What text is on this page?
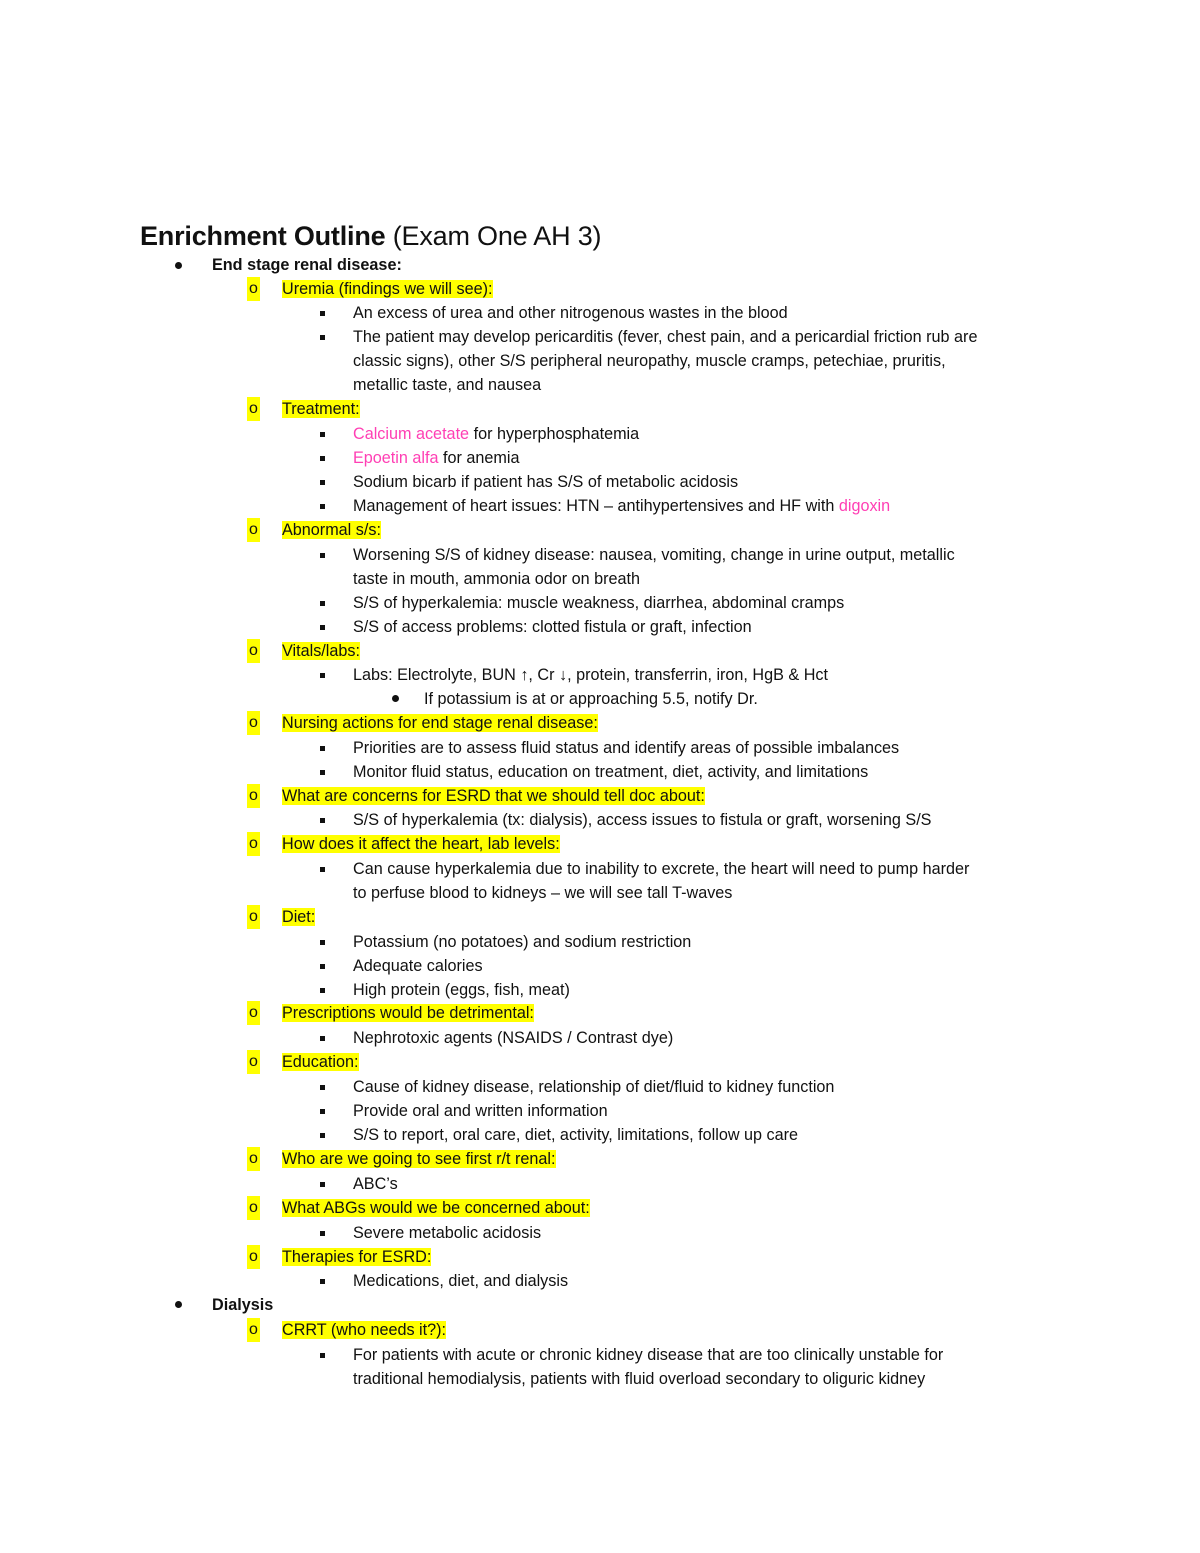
Enrichment Outline (Exam One AH 3)
End stage renal disease:
o Uremia (findings we will see):
An excess of urea and other nitrogenous wastes in the blood
The patient may develop pericarditis (fever, chest pain, and a pericardial friction rub are
classic signs), other S/S peripheral neuropathy, muscle cramps, petechiae, pruritis,
metallic taste, and nausea
o Treatment:
Calcium acetate for hyperphosphatemia
Epoetin alfa for anemia
Sodium bicarb if patient has S/S of metabolic acidosis
Management of heart issues: HTN – antihypertensives and HF with digoxin
o Abnormal s/s:
Worsening S/S of kidney disease: nausea, vomiting, change in urine output, metallic
taste in mouth, ammonia odor on breath
S/S of hyperkalemia: muscle weakness, diarrhea, abdominal cramps
S/S of access problems: clotted fistula or graft, infection
o Vitals/labs:
Labs: Electrolyte, BUN ↑, Cr ↓, protein, transferrin, iron, HgB & Hct
If potassium is at or approaching 5.5, notify Dr.
o Nursing actions for end stage renal disease:
Priorities are to assess fluid status and identify areas of possible imbalances
Monitor fluid status, education on treatment, diet, activity, and limitations
o What are concerns for ESRD that we should tell doc about:
S/S of hyperkalemia (tx: dialysis), access issues to fistula or graft, worsening S/S
o How does it affect the heart, lab levels:
Can cause hyperkalemia due to inability to excrete, the heart will need to pump harder
to perfuse blood to kidneys – we will see tall T-waves
o Diet:
Potassium (no potatoes) and sodium restriction
Adequate calories
High protein (eggs, fish, meat)
o Prescriptions would be detrimental:
Nephrotoxic agents (NSAIDS / Contrast dye)
o Education:
Cause of kidney disease, relationship of diet/fluid to kidney function
Provide oral and written information
S/S to report, oral care, diet, activity, limitations, follow up care
o Who are we going to see first r/t renal:
ABC’s
o What ABGs would we be concerned about:
Severe metabolic acidosis
o Therapies for ESRD:
Medications, diet, and dialysis
Dialysis
o CRRT (who needs it?):
For patients with acute or chronic kidney disease that are too clinically unstable for
traditional hemodialysis, patients with fluid overload secondary to oliguric kidney
